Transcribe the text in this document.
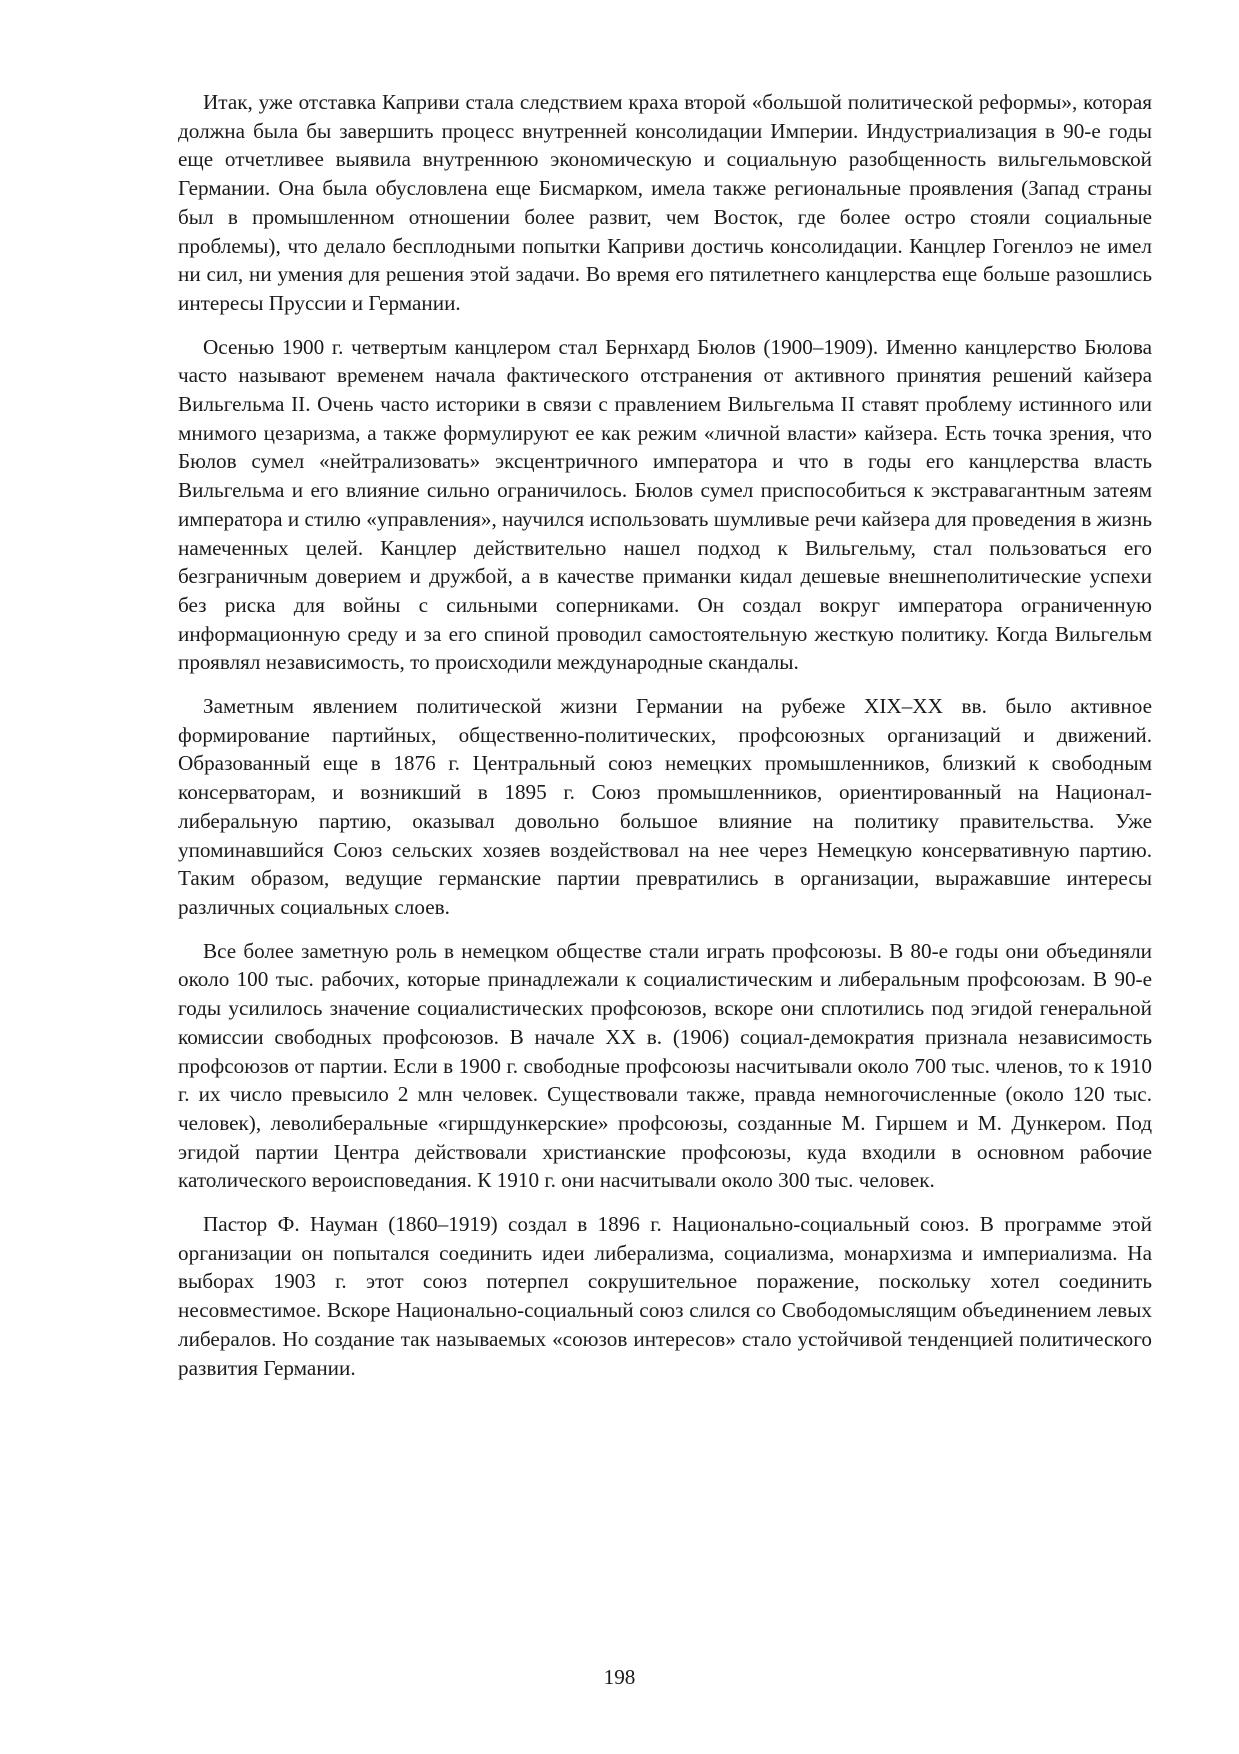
Итак, уже отставка Каприви стала следствием краха второй «большой политической реформы», которая должна была бы завершить процесс внутренней консолидации Империи. Индустриализация в 90-е годы еще отчетливее выявила внутреннюю экономическую и социальную разобщенность вильгельмовской Германии. Она была обусловлена еще Бисмарком, имела также региональные проявления (Запад страны был в промышленном отношении более развит, чем Восток, где более остро стояли социальные проблемы), что делало бесплодными попытки Каприви достичь консолидации. Канцлер Гогенлоэ не имел ни сил, ни умения для решения этой задачи. Во время его пятилетнего канцлерства еще больше разошлись интересы Пруссии и Германии.

Осенью 1900 г. четвертым канцлером стал Бернхард Бюлов (1900–1909). Именно канцлерство Бюлова часто называют временем начала фактического отстранения от активного принятия решений кайзера Вильгельма II. Очень часто историки в связи с правлением Вильгельма II ставят проблему истинного или мнимого цезаризма, а также формулируют ее как режим «личной власти» кайзера. Есть точка зрения, что Бюлов сумел «нейтрализовать» эксцентричного императора и что в годы его канцлерства власть Вильгельма и его влияние сильно ограничилось. Бюлов сумел приспособиться к экстравагантным затеям императора и стилю «управления», научился использовать шумливые речи кайзера для проведения в жизнь намеченных целей. Канцлер действительно нашел подход к Вильгельму, стал пользоваться его безграничным доверием и дружбой, а в качестве приманки кидал дешевые внешнеполитические успехи без риска для войны с сильными соперниками. Он создал вокруг императора ограниченную информационную среду и за его спиной проводил самостоятельную жесткую политику. Когда Вильгельм проявлял независимость, то происходили международные скандалы.

Заметным явлением политической жизни Германии на рубеже XIX–XX вв. было активное формирование партийных, общественно-политических, профсоюзных организаций и движений. Образованный еще в 1876 г. Центральный союз немецких промышленников, близкий к свободным консерваторам, и возникший в 1895 г. Союз промышленников, ориентированный на Национал-либеральную партию, оказывал довольно большое влияние на политику правительства. Уже упоминавшийся Союз сельских хозяев воздействовал на нее через Немецкую консервативную партию. Таким образом, ведущие германские партии превратились в организации, выражавшие интересы различных социальных слоев.

Все более заметную роль в немецком обществе стали играть профсоюзы. В 80-е годы они объединяли около 100 тыс. рабочих, которые принадлежали к социалистическим и либеральным профсоюзам. В 90-е годы усилилось значение социалистических профсоюзов, вскоре они сплотились под эгидой генеральной комиссии свободных профсоюзов. В начале XX в. (1906) социал-демократия признала независимость профсоюзов от партии. Если в 1900 г. свободные профсоюзы насчитывали около 700 тыс. членов, то к 1910 г. их число превысило 2 млн человек. Существовали также, правда немногочисленные (около 120 тыс. человек), леволиберальные «гиршдункерские» профсоюзы, созданные М. Гиршем и М. Дункером. Под эгидой партии Центра действовали христианские профсоюзы, куда входили в основном рабочие католического вероисповедания. К 1910 г. они насчитывали около 300 тыс. человек.

Пастор Ф. Науман (1860–1919) создал в 1896 г. Национально-социальный союз. В программе этой организации он попытался соединить идеи либерализма, социализма, монархизма и империализма. На выборах 1903 г. этот союз потерпел сокрушительное поражение, поскольку хотел соединить несовместимое. Вскоре Национально-социальный союз слился со Свободомыслящим объединением левых либералов. Но создание так называемых «союзов интересов» стало устойчивой тенденцией политического развития Германии.

198
